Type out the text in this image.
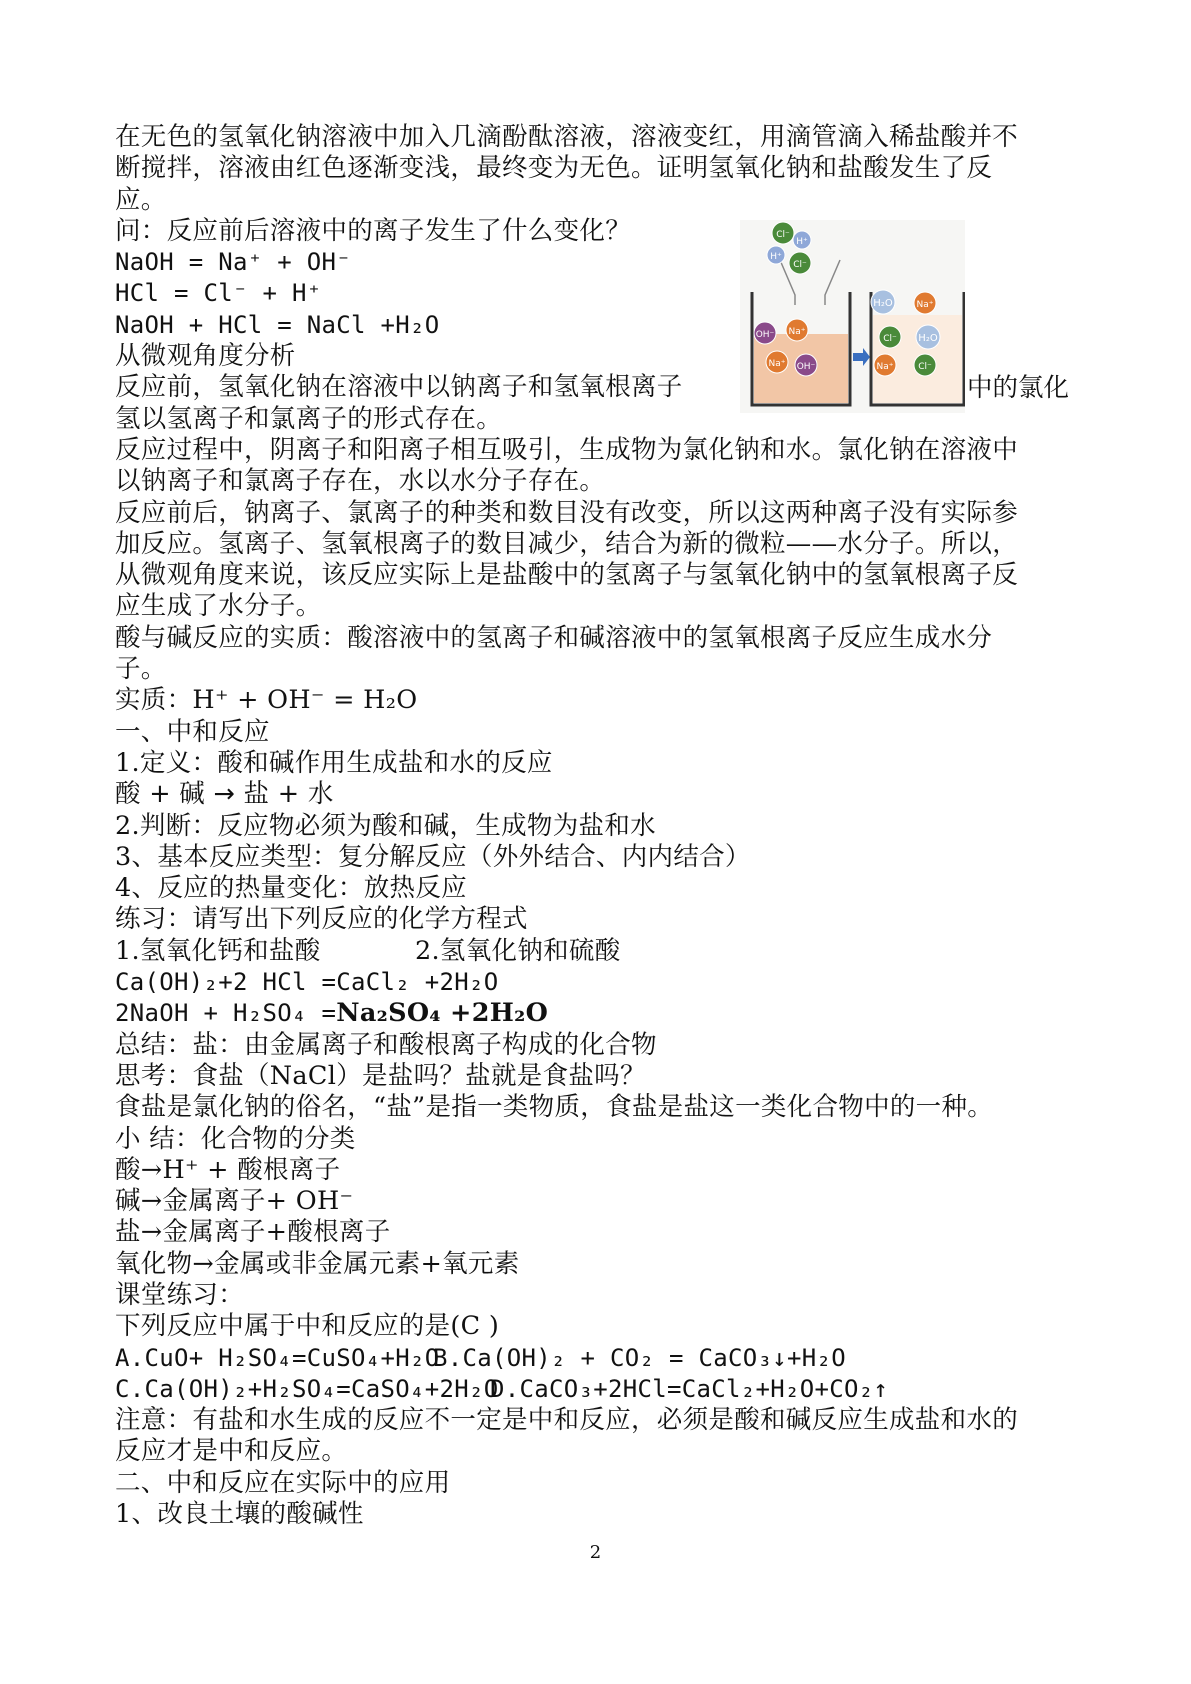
在无色的氢氧化钠溶液中加入几滴酚酞溶液，溶液变红，用滴管滴入稀盐酸并不断搅拌，溶液由红色逐渐变浅，最终变为无色。证明氢氧化钠和盐酸发生了反应。

问：反应前后溶液中的离子发生了什么变化？

NaOH = Na⁺ + OH⁻

HCl = Cl⁻ + H⁺

NaOH + HCl = NaCl +H₂O

从微观角度分析

反应前，氢氧化钠在溶液中以钠离子和氢氧根离子

氢以氢离子和氯离子的形式存在。

反应过程中，阴离子和阳离子相互吸引，生成物为氯化钠和水。氯化钠在溶液中以钠离子和氯离子存在，水以水分子存在。

反应前后，钠离子、氯离子的种类和数目没有改变，所以这两种离子没有实际参加反应。氢离子、氢氧根离子的数目减少，结合为新的微粒——水分子。所以，从微观角度来说，该反应实际上是盐酸中的氢离子与氢氧化钠中的氢氧根离子反应生成了水分子。

酸与碱反应的实质：酸溶液中的氢离子和碱溶液中的氢氧根离子反应生成水分子。

实质：H⁺ + OH⁻ = H₂O

一、中和反应

1.定义：酸和碱作用生成盐和水的反应

酸 + 碱 → 盐 + 水

2.判断：反应物必须为酸和碱，生成物为盐和水

3、基本反应类型：复分解反应（外外结合、内内结合）

4、反应的热量变化：放热反应

练习：请写出下列反应的化学方程式

1.氢氧化钙和盐酸	2.氢氧化钠和硫酸

Ca(OH)₂+2 HCl =CaCl₂ +2H₂O

2NaOH + H₂SO₄ =Na₂SO₄ +2H₂O

总结：盐：由金属离子和酸根离子构成的化合物

思考：食盐（NaCl）是盐吗？盐就是食盐吗？

食盐是氯化钠的俗名，“盐”是指一类物质，食盐是盐这一类化合物中的一种。

小 结：化合物的分类

酸→H⁺ + 酸根离子

碱→金属离子+ OH⁻

盐→金属离子+酸根离子

氧化物→金属或非金属元素+氧元素

课堂练习：

下列反应中属于中和反应的是(C )

A.CuO+ H₂SO₄=CuSO₄+H₂O
B.Ca(OH)₂ + CO₂ = CaCO₃↓+H₂O
C.Ca(OH)₂+H₂SO₄=CaSO₄+2H₂O
D.CaCO₃+2HCl=CaCl₂+H₂O+CO₂↑

注意：有盐和水生成的反应不一定是中和反应，必须是酸和碱反应生成盐和水的反应才是中和反应。

二、中和反应在实际中的应用

1、改良土壤的酸碱性

中的氯化
Cl⁻
H⁺
H⁺
Cl⁻
OH⁻ Na⁺
Na⁺ OH⁻
H₂O	Na⁺
Cl⁻ H₂O
Na⁺	Cl⁻
2
